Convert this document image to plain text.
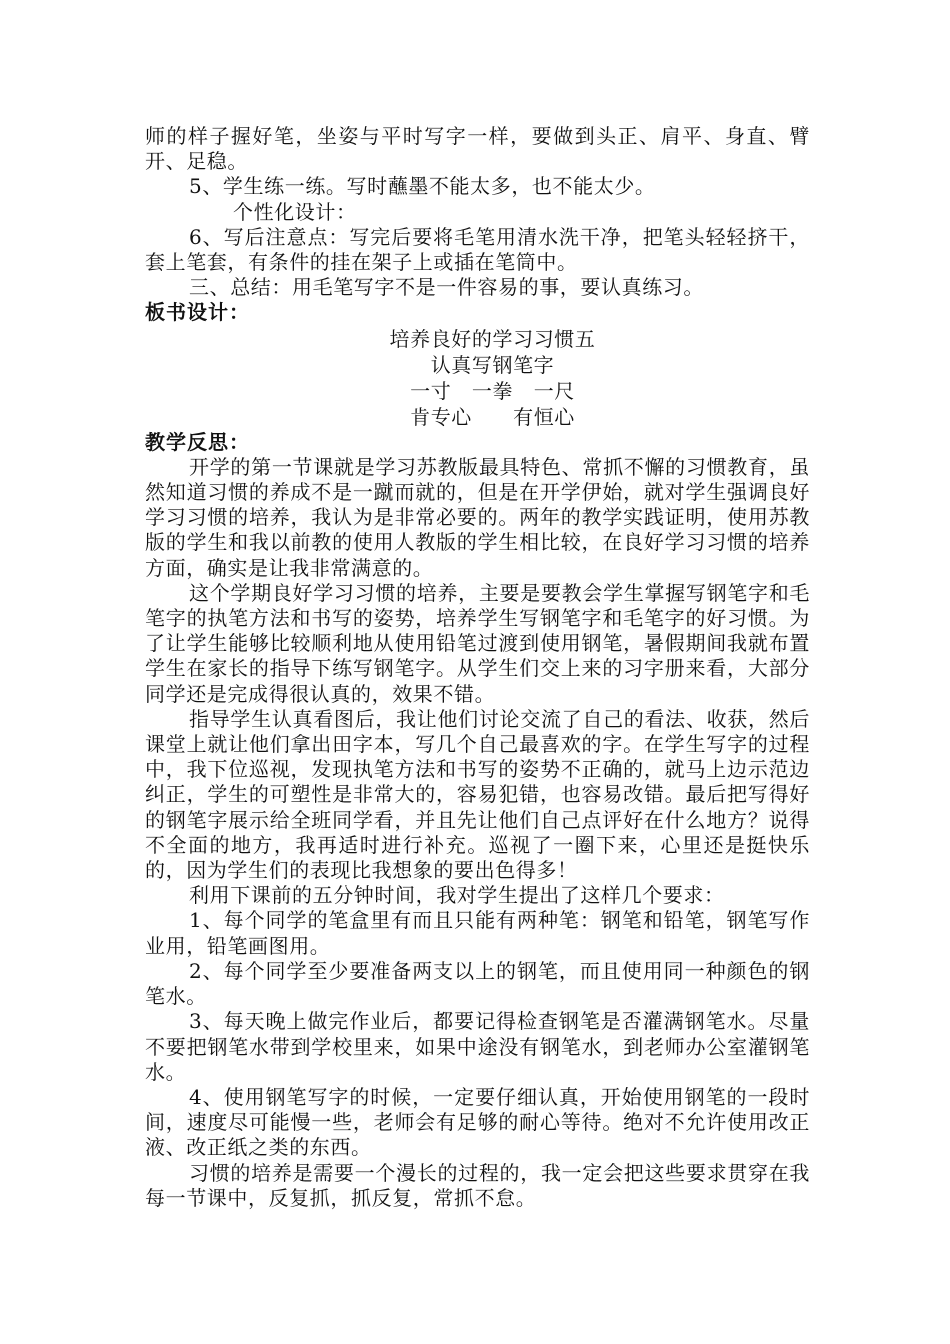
师的样子握好笔，坐姿与平时写字一样，要做到头正、肩平、身直、臂开、足稳。

5、学生练一练。写时蘸墨不能太多，也不能太少。

个性化设计：

6、写后注意点：写完后要将毛笔用清水洗干净，把笔头轻轻挤干，套上笔套，有条件的挂在架子上或插在笔筒中。

三、总结：用毛笔写字不是一件容易的事，要认真练习。

板书设计：

培养良好的学习习惯五

认真写钢笔字

一寸　一拳　一尺

肯专心　　有恒心

教学反思：

开学的第一节课就是学习苏教版最具特色、常抓不懈的习惯教育，虽然知道习惯的养成不是一蹴而就的，但是在开学伊始，就对学生强调良好学习习惯的培养，我认为是非常必要的。两年的教学实践证明，使用苏教版的学生和我以前教的使用人教版的学生相比较，在良好学习习惯的培养方面，确实是让我非常满意的。

这个学期良好学习习惯的培养，主要是要教会学生掌握写钢笔字和毛笔字的执笔方法和书写的姿势，培养学生写钢笔字和毛笔字的好习惯。为了让学生能够比较顺利地从使用铅笔过渡到使用钢笔，暑假期间我就布置学生在家长的指导下练写钢笔字。从学生们交上来的习字册来看，大部分同学还是完成得很认真的，效果不错。

指导学生认真看图后，我让他们讨论交流了自己的看法、收获，然后课堂上就让他们拿出田字本，写几个自己最喜欢的字。在学生写字的过程中，我下位巡视，发现执笔方法和书写的姿势不正确的，就马上边示范边纠正，学生的可塑性是非常大的，容易犯错，也容易改错。最后把写得好的钢笔字展示给全班同学看，并且先让他们自己点评好在什么地方？说得不全面的地方，我再适时进行补充。巡视了一圈下来，心里还是挺快乐的，因为学生们的表现比我想象的要出色得多！

利用下课前的五分钟时间，我对学生提出了这样几个要求：

1、每个同学的笔盒里有而且只能有两种笔：钢笔和铅笔，钢笔写作业用，铅笔画图用。

2、每个同学至少要准备两支以上的钢笔，而且使用同一种颜色的钢笔水。

3、每天晚上做完作业后，都要记得检查钢笔是否灌满钢笔水。尽量不要把钢笔水带到学校里来，如果中途没有钢笔水，到老师办公室灌钢笔水。

4、使用钢笔写字的时候，一定要仔细认真，开始使用钢笔的一段时间，速度尽可能慢一些，老师会有足够的耐心等待。绝对不允许使用改正液、改正纸之类的东西。

习惯的培养是需要一个漫长的过程的，我一定会把这些要求贯穿在我每一节课中，反复抓，抓反复，常抓不怠。
